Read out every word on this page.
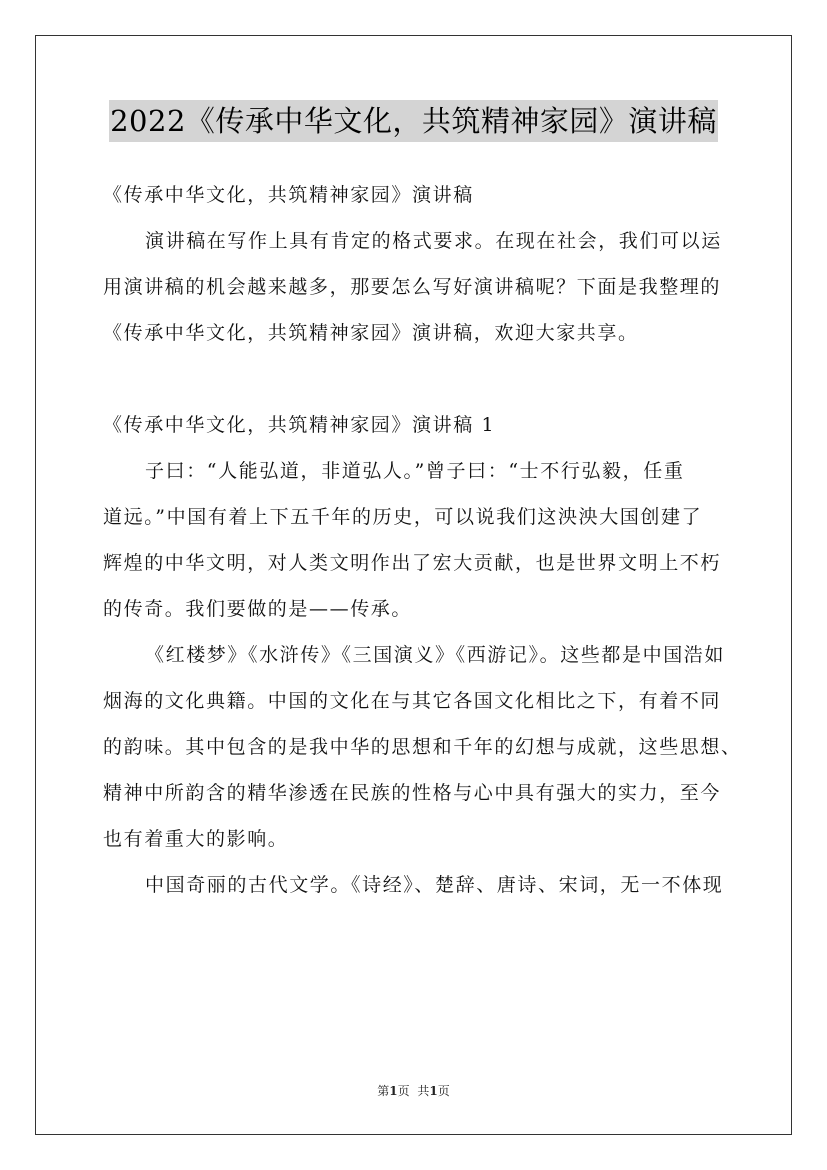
2022《传承中华文化，共筑精神家园》演讲稿
《传承中华文化，共筑精神家园》演讲稿
演讲稿在写作上具有肯定的格式要求。在现在社会，我们可以运
用演讲稿的机会越来越多，那要怎么写好演讲稿呢？下面是我整理的
《传承中华文化，共筑精神家园》演讲稿，欢迎大家共享。
《传承中华文化，共筑精神家园》演讲稿 1
子曰：“人能弘道，非道弘人。”曾子曰：“士不行弘毅，任重
道远。”中国有着上下五千年的历史，可以说我们这泱泱大国创建了
辉煌的中华文明，对人类文明作出了宏大贡献，也是世界文明上不朽
的传奇。我们要做的是——传承。
《红楼梦》《水浒传》《三国演义》《西游记》。这些都是中国浩如
烟海的文化典籍。中国的文化在与其它各国文化相比之下，有着不同
的韵味。其中包含的是我中华的思想和千年的幻想与成就，这些思想、
精神中所韵含的精华渗透在民族的性格与心中具有强大的实力，至今
也有着重大的影响。
中国奇丽的古代文学。《诗经》、楚辞、唐诗、宋词，无一不体现
第1页 共1页
